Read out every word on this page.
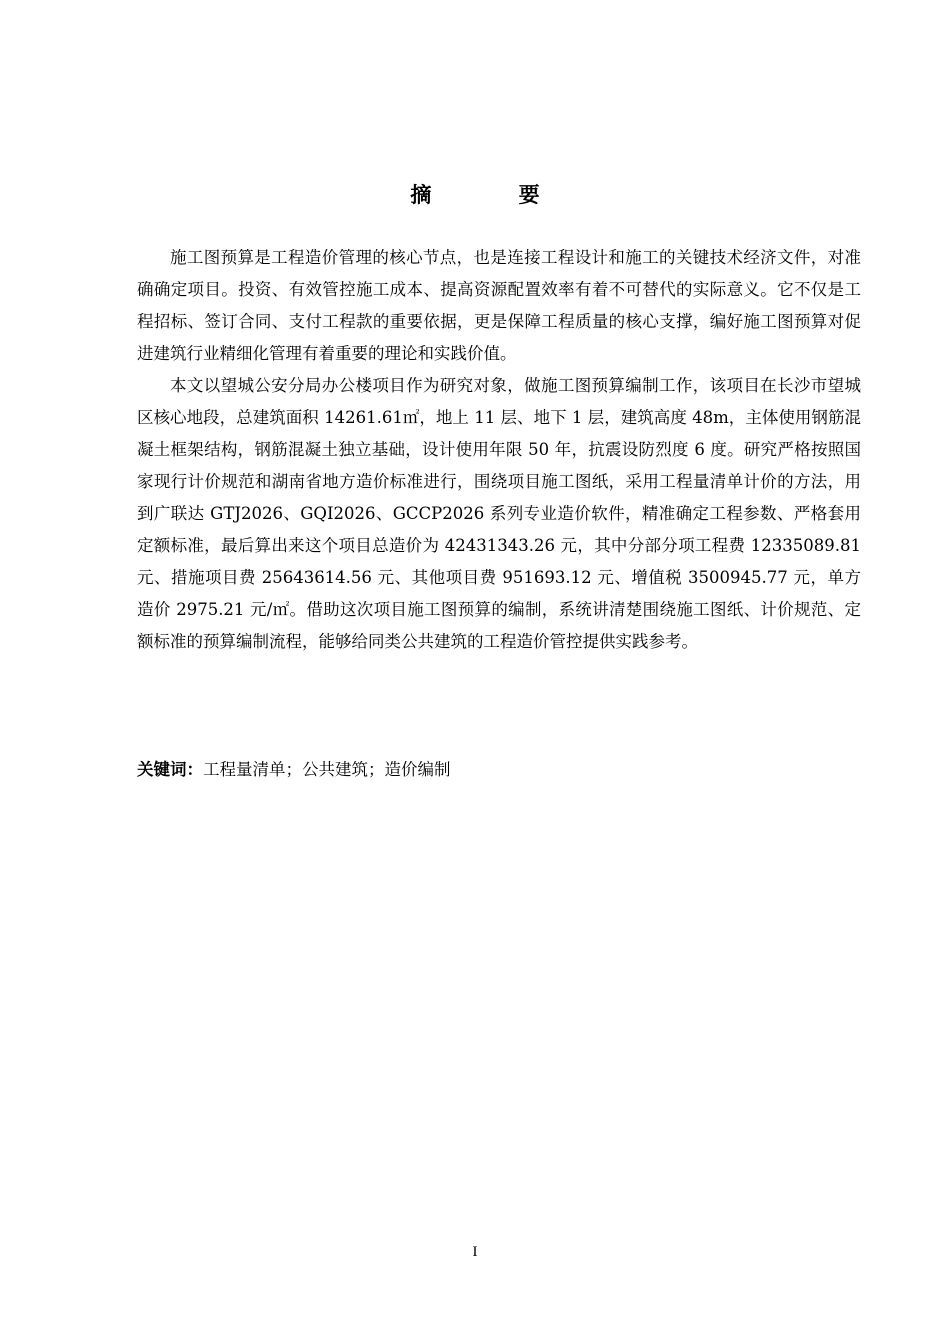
摘 要

施工图预算是工程造价管理的核心节点，也是连接工程设计和施工的关键技术经济文件，对准确确定项目。投资、有效管控施工成本、提高资源配置效率有着不可替代的实际意义。它不仅是工程招标、签订合同、支付工程款的重要依据，更是保障工程质量的核心支撑，编好施工图预算对促进建筑行业精细化管理有着重要的理论和实践价值。

本文以望城公安分局办公楼项目作为研究对象，做施工图预算编制工作，该项目在长沙市望城区核心地段，总建筑面积 14261.61㎡，地上 11 层、地下 1 层，建筑高度 48m，主体使用钢筋混凝土框架结构，钢筋混凝土独立基础，设计使用年限 50 年，抗震设防烈度 6 度。研究严格按照国家现行计价规范和湖南省地方造价标准进行，围绕项目施工图纸，采用工程量清单计价的方法，用到广联达 GTJ2026、GQI2026、GCCP2026 系列专业造价软件，精准确定工程参数、严格套用定额标准，最后算出来这个项目总造价为 42431343.26 元，其中分部分项工程费 12335089.81 元、措施项目费 25643614.56 元、其他项目费 951693.12 元、增值税 3500945.77 元，单方造价 2975.21 元/㎡。借助这次项目施工图预算的编制，系统讲清楚围绕施工图纸、计价规范、定额标准的预算编制流程，能够给同类公共建筑的工程造价管控提供实践参考。

关键词：工程量清单；公共建筑；造价编制

I
